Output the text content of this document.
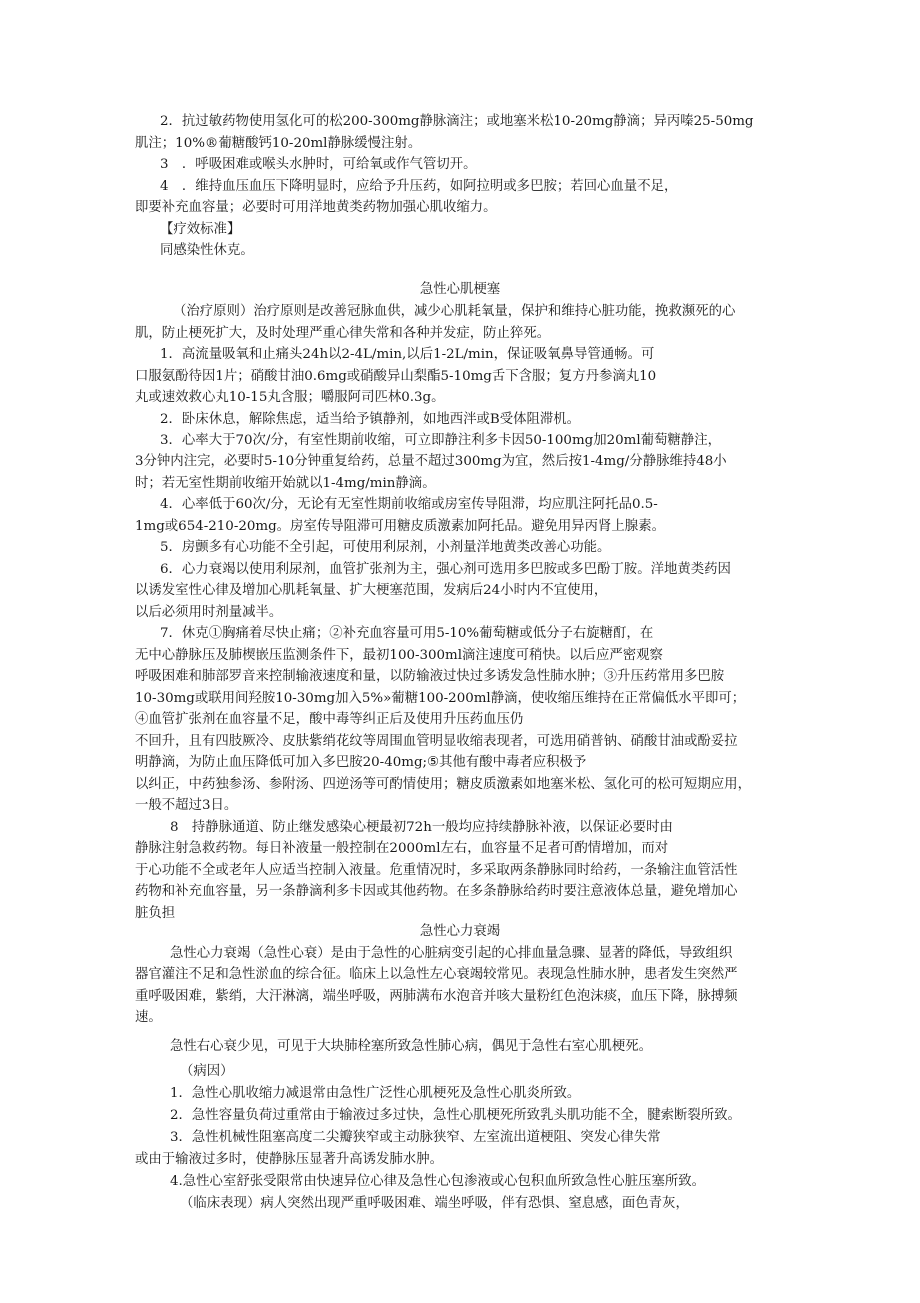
2．抗过敏药物使用氢化可的松200-300mg静脉滴注；或地塞米松10-20mg静滴；异丙嗪25-50mg
肌注；10%®葡糖酸钙10-20ml静脉缓慢注射。
3　．呼吸困难或喉头水肿时，可给氧或作气管切开。
4　．维持血压血压下降明显时，应给予升压药，如阿拉明或多巴胺；若回心血量不足，
即要补充血容量；必要时可用洋地黄类药物加强心肌收缩力。
【疗效标准】
同感染性休克。
急性心肌梗塞
（治疗原则）治疗原则是改善冠脉血供，减少心肌耗氧量，保护和维持心脏功能，挽救濒死的心
肌，防止梗死扩大，及时处理严重心律失常和各种并发症，防止猝死。
1．高流量吸氧和止痛头24h以2-4L/min,以后1-2L/min，保证吸氧鼻导管通畅。可
口服氨酚待因1片；硝酸甘油0.6mg或硝酸异山梨酯5-10mg舌下含服；复方丹参滴丸10
丸或速效救心丸10-15丸含服；嚼服阿司匹林0.3g。
2．卧床休息，解除焦虑，适当给予镇静剂，如地西泮或B受体阻滞机。
3．心率大于70次/分，有室性期前收缩，可立即静注利多卡因50-100mg加20ml葡萄糖静注，
3分钟内注完，必要时5-10分钟重复给药，总量不超过300mg为宜，然后按1-4mg/分静脉维持48小
时；若无室性期前收缩开始就以1-4mg/min静滴。
4．心率低于60次/分，无论有无室性期前收缩或房室传导阻滞，均应肌注阿托品0.5-
1mg或654-210-20mg。房室传导阻滞可用糖皮质激素加阿托品。避免用异丙肾上腺素。
5．房颤多有心功能不全引起，可使用利尿剂，小剂量洋地黄类改善心功能。
6．心力衰竭以使用利尿剂，血管扩张剂为主，强心剂可选用多巴胺或多巴酚丁胺。洋地黄类药因
以诱发室性心律及增加心肌耗氧量、扩大梗塞范围，发病后24小时内不宜使用，
以后必须用时剂量减半。
7．休克①胸痛着尽快止痛；②补充血容量可用5-10%葡萄糖或低分子右旋糖酊，在
无中心静脉压及肺楔嵌压监测条件下，最初100-300ml滴注速度可稍快。以后应严密观察
呼吸困难和肺部罗音来控制输液速度和量，以防输液过快过多诱发急性肺水肿；③升压药常用多巴胺
10-30mg或联用间羟胺10-30mg加入5%»葡糖100-200ml静滴，使收缩压维持在正常偏低水平即可；
④血管扩张剂在血容量不足，酸中毒等纠正后及使用升压药血压仍
不回升，且有四肢厥冷、皮肤紫绡花纹等周围血管明显收缩表现者，可选用硝普钠、硝酸甘油或酚妥拉
明静滴，为防止血压降低可加入多巴胺20-40mg;⑤其他有酸中毒者应积极予
以纠正，中药独参汤、参附汤、四逆汤等可酌情使用；糖皮质激素如地塞米松、氢化可的松可短期应用，
一般不超过3日。
8　持静脉通道、防止继发感染心梗最初72h一般均应持续静脉补液，以保证必要时由
静脉注射急救药物。每日补液量一般控制在2000ml左右，血容量不足者可酌情增加，而对
于心功能不全或老年人应适当控制入液量。危重情况时，多采取两条静脉同时给药，一条输注血管活性
药物和补充血容量，另一条静滴利多卡因或其他药物。在多条静脉给药时要注意液体总量，避免增加心
脏负担
急性心力衰竭
急性心力衰竭（急性心衰）是由于急性的心脏病变引起的心排血量急骤、显著的降低，导致组织
器官灌注不足和急性淤血的综合征。临床上以急性左心衰竭较常见。表现急性肺水肿，患者发生突然严
重呼吸困难，紫绡，大汗淋漓，端坐呼吸，两肺满布水泡音并咳大量粉红色泡沫痰，血压下降，脉搏频
速。
急性右心衰少见，可见于大块肺栓塞所致急性肺心病，偶见于急性右室心肌梗死。
（病因）
1．急性心肌收缩力减退常由急性广泛性心肌梗死及急性心肌炎所致。
2．急性容量负荷过重常由于输液过多过快，急性心肌梗死所致乳头肌功能不全，腱索断裂所致。
3．急性机械性阻塞高度二尖瓣狭窄或主动脉狭窄、左室流出道梗阻、突发心律失常
或由于输液过多时，使静脉压显著升高诱发肺水肿。
4.急性心室舒张受限常由快速异位心律及急性心包渗液或心包积血所致急性心脏压塞所致。
（临床表现）病人突然出现严重呼吸困难、端坐呼吸，伴有恐惧、窒息感，面色青灰，
